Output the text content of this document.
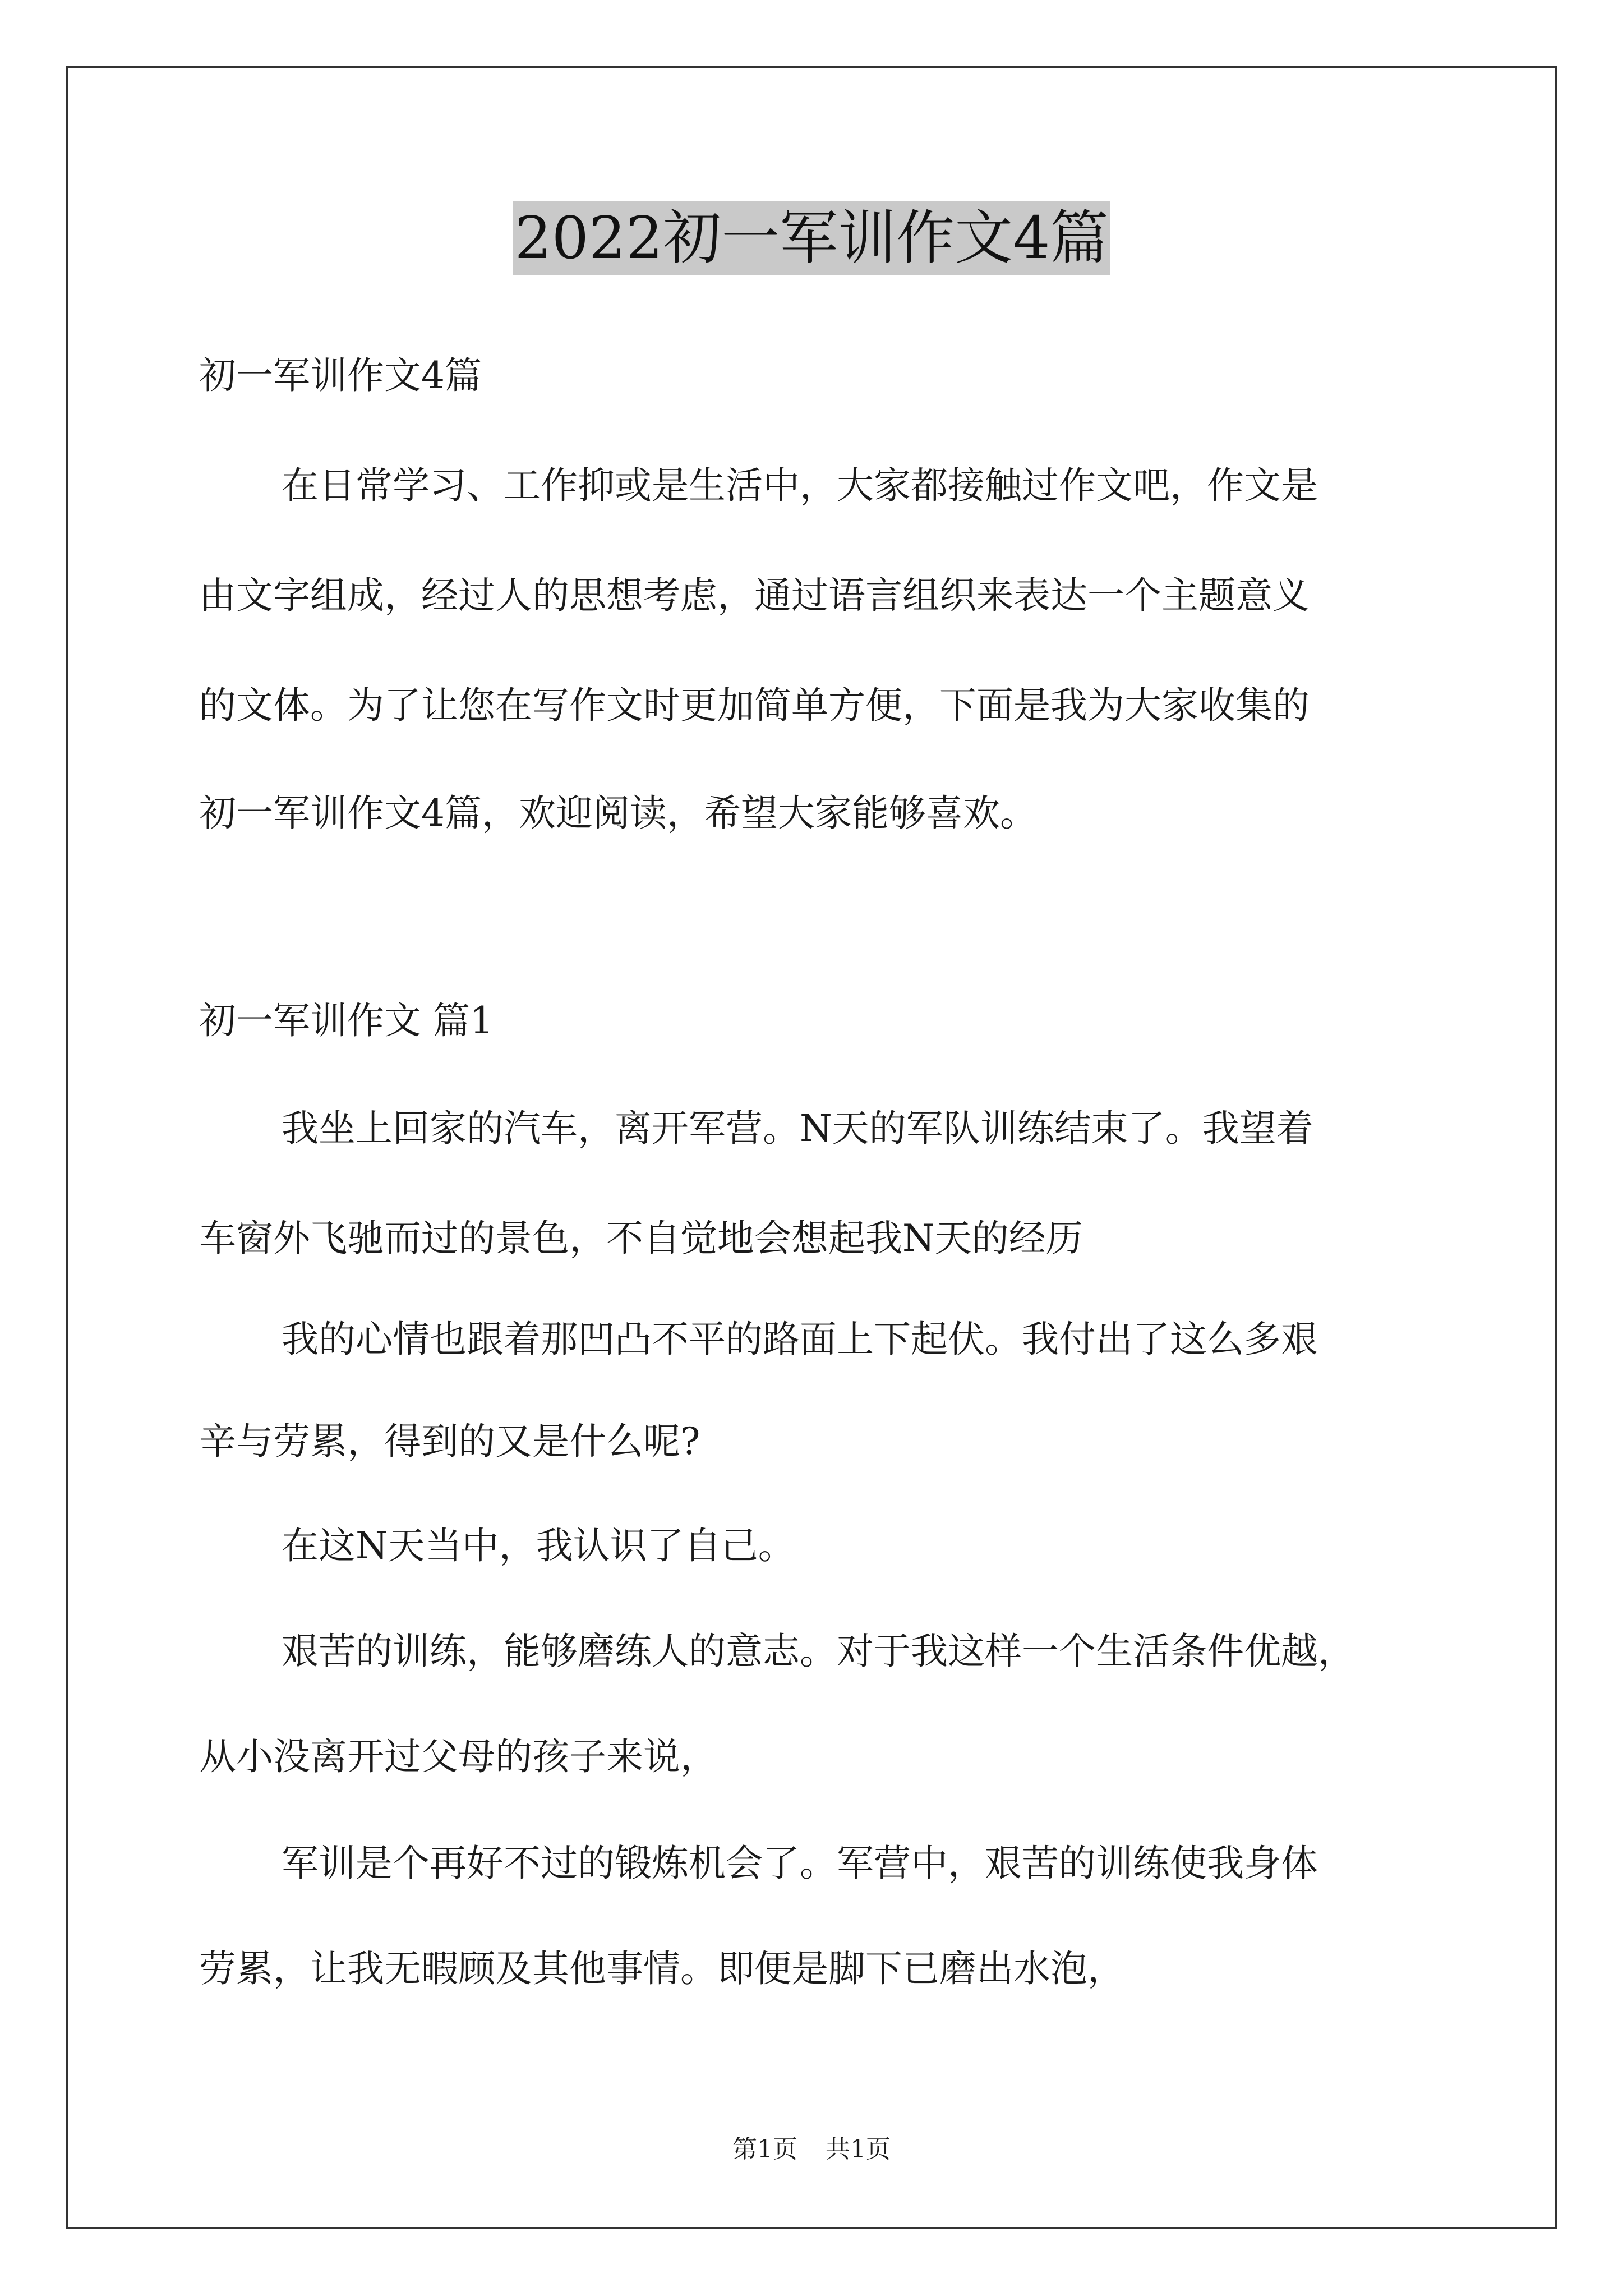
2022初一军训作文4篇
初一军训作文4篇
在日常学习、工作抑或是生活中，大家都接触过作文吧，作文是
由文字组成，经过人的思想考虑，通过语言组织来表达一个主题意义
的文体。为了让您在写作文时更加简单方便，下面是我为大家收集的
初一军训作文4篇，欢迎阅读，希望大家能够喜欢。
初一军训作文 篇1
我坐上回家的汽车，离开军营。N天的军队训练结束了。我望着
车窗外飞驰而过的景色，不自觉地会想起我N天的经历
我的心情也跟着那凹凸不平的路面上下起伏。我付出了这么多艰
辛与劳累，得到的又是什么呢?
在这N天当中，我认识了自己。
艰苦的训练，能够磨练人的意志。对于我这样一个生活条件优越，
从小没离开过父母的孩子来说，
军训是个再好不过的锻炼机会了。军营中，艰苦的训练使我身体
劳累，让我无暇顾及其他事情。即便是脚下已磨出水泡，
第1页 共1页
